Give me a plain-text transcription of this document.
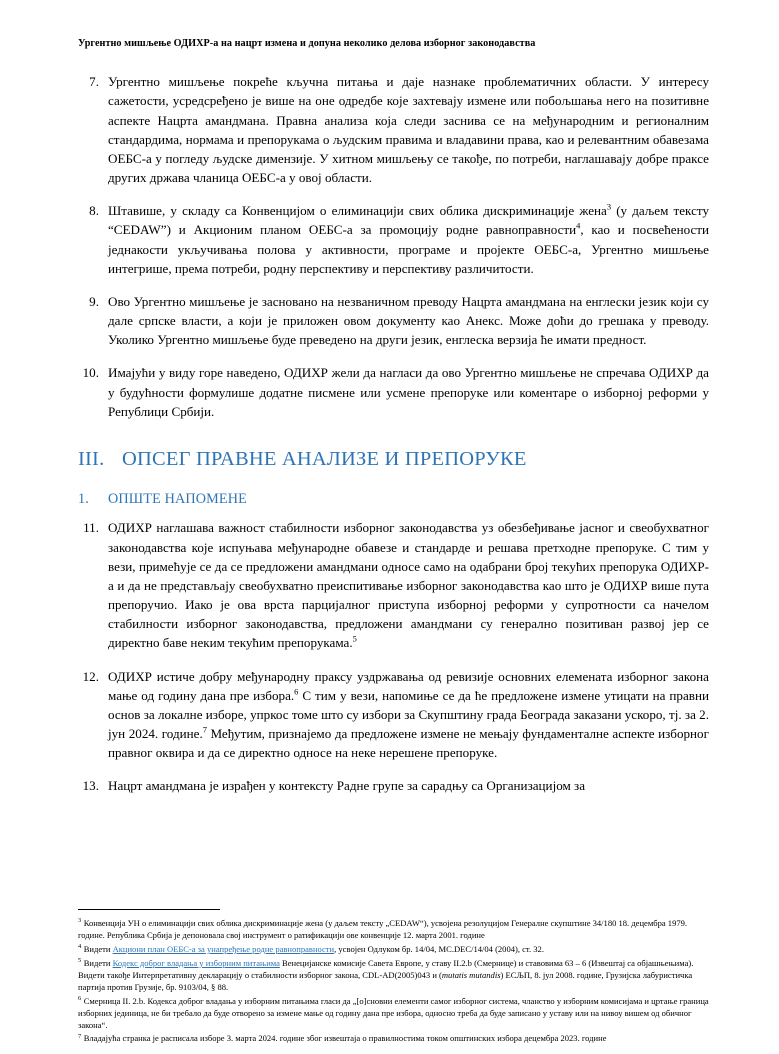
Ургентно мишљење ОДИХР-а на нацрт измена и допуна неколико делова изборног законодавства
7. Ургентно мишљење покреће кључна питања и даје назнаке проблематичних области. У интересу сажетости, усредсређено је више на оне одредбе које захтевају измене или побољшања него на позитивне аспекте Нацрта амандмана. Правна анализа која следи заснива се на међународним и регионалним стандардима, нормама и препорукама о људским правима и владавини права, као и релевантним обавезама ОЕБС-а у погледу људске димензије. У хитном мишљењу се такође, по потреби, наглашавају добре праксе других држава чланица ОЕБС-а у овој области.
8. Штавише, у складу са Конвенцијом о елиминацији свих облика дискриминације жена$^3$ (у даљем тексту “CEDAW”) и Акционим планом ОЕБС-а за промоцију родне равноправности$^4$, као и посвећености једнакости укључивања полова у активности, програме и пројекте ОЕБС-а, Ургентно мишљење интегрише, према потреби, родну перспективу и перспективу различитости.
9. Ово Ургентно мишљење је засновано на незваничном преводу Нацрта амандмана на енглески језик који су дале српске власти, а који је приложен овом документу као Анекс. Може доћи до грешака у преводу. Уколико Ургентно мишљење буде преведено на други језик, енглеска верзија ће имати предност.
10. Имајући у виду горе наведено, ОДИХР жели да нагласи да ово Ургентно мишљење не спречава ОДИХР да у будућности формулише додатне писмене или усмене препоруке или коментаре о изборној реформи у Републици Србији.
III. ОПСЕГ ПРАВНЕ АНАЛИЗЕ И ПРЕПОРУКЕ
1.	ОПШТЕ НАПОМЕНЕ
11. ОДИХР наглашава важност стабилности изборног законодавства уз обезбеђивање јасног и свеобухватног законодавства које испуњава међународне обавезе и стандарде и решава претходне препоруке. С тим у вези, примећује се да се предложени амандмани односе само на одабрани број текућих препорука ОДИХР-а и да не представљају свеобухватно преиспитивање изборног законодавства као што је ОДИХР више пута препоручио. Иако је ова врста парцијалног приступа изборној реформи у супротности са начелом стабилности изборног законодавства, предложени амандмани су генерално позитиван развој јер се директно баве неким текућим препорукама.$^5$
12. ОДИХР истиче добру међународну праксу уздржавања од ревизије основних елемената изборног закона мање од годину дана пре избора.$^6$ С тим у вези, напомиње се да ће предложене измене утицати на правни основ за локалне изборе, упркос томе што су избори за Скупштину града Београда заказани ускоро, тј. за 2. јун 2024. године.$^7$ Међутим, признајемо да предложене измене не мењају фундаменталне аспекте изборног правног оквира и да се директно односе на неке нерешене препоруке.
13. Нацрт амандмана је израђен у контексту Радне групе за сарадњу са Организацијом за
$^3$ Конвенција УН о елиминацији свих облика дискриминације жена (у даљем тексту „CEDAW“), усвојена резолуцијом Генералне скупштине 34/180 18. децембра 1979. године. Република Србија је депоновала свој инструмент о ратификацији ове конвенције 12. марта 2001. године
$^4$ Видети Акциони план ОЕБС-а за унапређење родне равноправности, усвојен Одлуком бр. 14/04, MC.DEC/14/04 (2004), ст. 32.
$^5$ Видети Кодекс доброг владања у изборним питањима Венецијанске комисије Савета Европе, у ставу II.2.b (Смернице) и ставовима 63 – 6 (Извештај са објашњењима). Видети такође Интерпретативну декларацију о стабилности изборног закона, CDL-AD(2005)043 и (mutatis mutandis) ЕСЉП, 8. јул 2008. године, Грузијска лабуристичка партија против Грузије, бр. 9103/04, § 88.
$^6$ Смерница II. 2.b. Кодекса доброг владања у изборним питањима гласи да „[о]сновни елементи самог изборног система, чланство у изборним комисијама и цртање граница изборних јединица, не би требало да буде отворено за измене мање од годину дана пре избора, односно треба да буде записано у уставу или на нивоу вишем од обичног закона“.
$^7$ Владајућа странка је расписала изборе 3. марта 2024. године због извештаја о правилностима током општинских избора децембра 2023. године
